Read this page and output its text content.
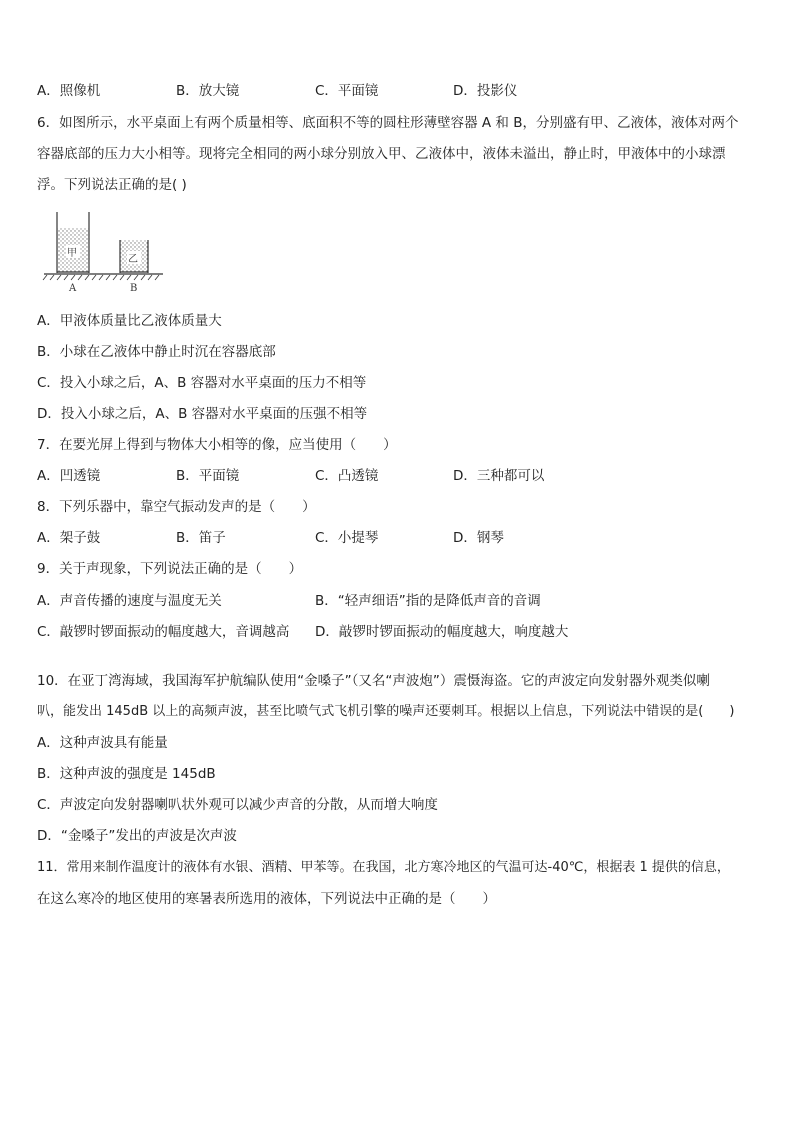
A．照像机	B．放大镜	C．平面镜	D．投影仪
6．如图所示，水平桌面上有两个质量相等、底面积不等的圆柱形薄壁容器 A 和 B，分别盛有甲、乙液体，液体对两个
容器底部的压力大小相等。现将完全相同的两小球分别放入甲、乙液体中，液体未溢出，静止时，甲液体中的小球漂
浮。下列说法正确的是( )
甲
乙
A	B
A．甲液体质量比乙液体质量大
B．小球在乙液体中静止时沉在容器底部
C．投入小球之后，A、B 容器对水平桌面的压力不相等
D．投入小球之后，A、B 容器对水平桌面的压强不相等
7．在要光屏上得到与物体大小相等的像，应当使用（　　）
A．凹透镜	B．平面镜	C．凸透镜	D．三种都可以
8．下列乐器中，靠空气振动发声的是（　　）
A．架子鼓	B．笛子	C．小提琴	D．钢琴
9．关于声现象，下列说法正确的是（　　）
A．声音传播的速度与温度无关	B．“轻声细语”指的是降低声音的音调
C．敲锣时锣面振动的幅度越大，音调越高 D．敲锣时锣面振动的幅度越大，响度越大
10．在亚丁湾海域，我国海军护航编队使用“金嗓子”（又名“声波炮”）震慑海盗。它的声波定向发射器外观类似喇
叭，能发出 145dB 以上的高频声波，甚至比喷气式飞机引擎的噪声还要刺耳。根据以上信息，下列说法中错误的是(　　)
A．这种声波具有能量
B．这种声波的强度是 145dB
C．声波定向发射器喇叭状外观可以减少声音的分散，从而增大响度
D．“金嗓子”发出的声波是次声波
11．常用来制作温度计的液体有水银、酒精、甲苯等。在我国，北方寒冷地区的气温可达-40℃，根据表 1 提供的信息，
在这么寒冷的地区使用的寒暑表所选用的液体，下列说法中正确的是（　　）
